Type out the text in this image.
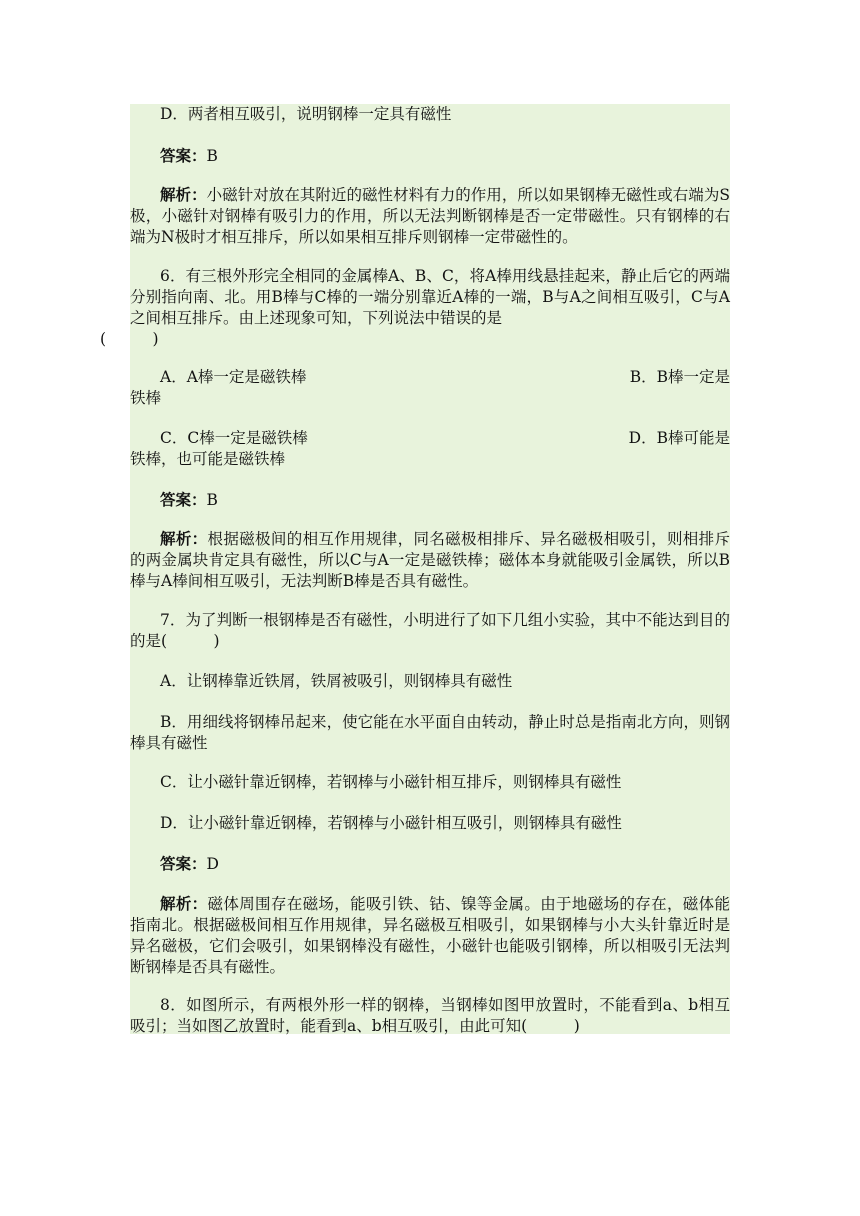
D．两者相互吸引，说明钢棒一定具有磁性
答案：B
解析：小磁针对放在其附近的磁性材料有力的作用，所以如果钢棒无磁性或右端为S极，小磁针对钢棒有吸引力的作用，所以无法判断钢棒是否一定带磁性。只有钢棒的右端为N极时才相互排斥，所以如果相互排斥则钢棒一定带磁性的。
6．有三根外形完全相同的金属棒A、B、C，将A棒用线悬挂起来，静止后它的两端分别指向南、北。用B棒与C棒的一端分别靠近A棒的一端，B与A之间相互吸引，C与A之间相互排斥。由上述现象可知，下列说法中错误的是
(　　　)
A．A棒一定是磁铁棒	B．B棒一定是
铁棒
C．C棒一定是磁铁棒	D．B棒可能是
铁棒，也可能是磁铁棒
答案：B
解析：根据磁极间的相互作用规律，同名磁极相排斥、异名磁极相吸引，则相排斥的两金属块肯定具有磁性，所以C与A一定是磁铁棒；磁体本身就能吸引金属铁，所以B棒与A棒间相互吸引，无法判断B棒是否具有磁性。
7．为了判断一根钢棒是否有磁性，小明进行了如下几组小实验，其中不能达到目的的是(　　　)
A．让钢棒靠近铁屑，铁屑被吸引，则钢棒具有磁性
B．用细线将钢棒吊起来，使它能在水平面自由转动，静止时总是指南北方向，则钢棒具有磁性
C．让小磁针靠近钢棒，若钢棒与小磁针相互排斥，则钢棒具有磁性
D．让小磁针靠近钢棒，若钢棒与小磁针相互吸引，则钢棒具有磁性
答案：D
解析：磁体周围存在磁场，能吸引铁、钴、镍等金属。由于地磁场的存在，磁体能指南北。根据磁极间相互作用规律，异名磁极互相吸引，如果钢棒与小大头针靠近时是异名磁极，它们会吸引，如果钢棒没有磁性，小磁针也能吸引钢棒，所以相吸引无法判断钢棒是否具有磁性。
8．如图所示，有两根外形一样的钢棒，当钢棒如图甲放置时，不能看到a、b相互吸引；当如图乙放置时，能看到a、b相互吸引，由此可知(　　　)
